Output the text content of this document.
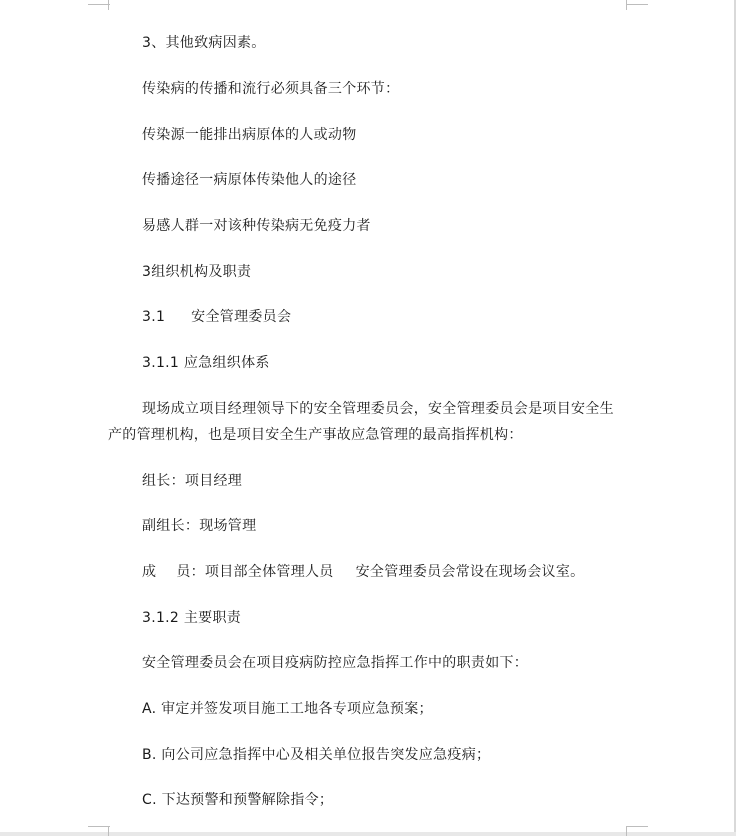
3、其他致病因素。
传染病的传播和流行必须具备三个环节：
传染源一能排出病原体的人或动物
传播途径一病原体传染他人的途径
易感人群一对该种传染病无免疫力者
3组织机构及职责
3.1 安全管理委员会
3.1.1 应急组织体系
现场成立项目经理领导下的安全管理委员会，安全管理委员会是项目安全生
产的管理机构，也是项目安全生产事故应急管理的最高指挥机构：
组长：项目经理
副组长：现场管理
成 员：项目部全体管理人员 安全管理委员会常设在现场会议室。
3.1.2 主要职责
安全管理委员会在项目疫病防控应急指挥工作中的职责如下：
A. 审定并签发项目施工工地各专项应急预案；
B. 向公司应急指挥中心及相关单位报告突发应急疫病；
C. 下达预警和预警解除指令；
